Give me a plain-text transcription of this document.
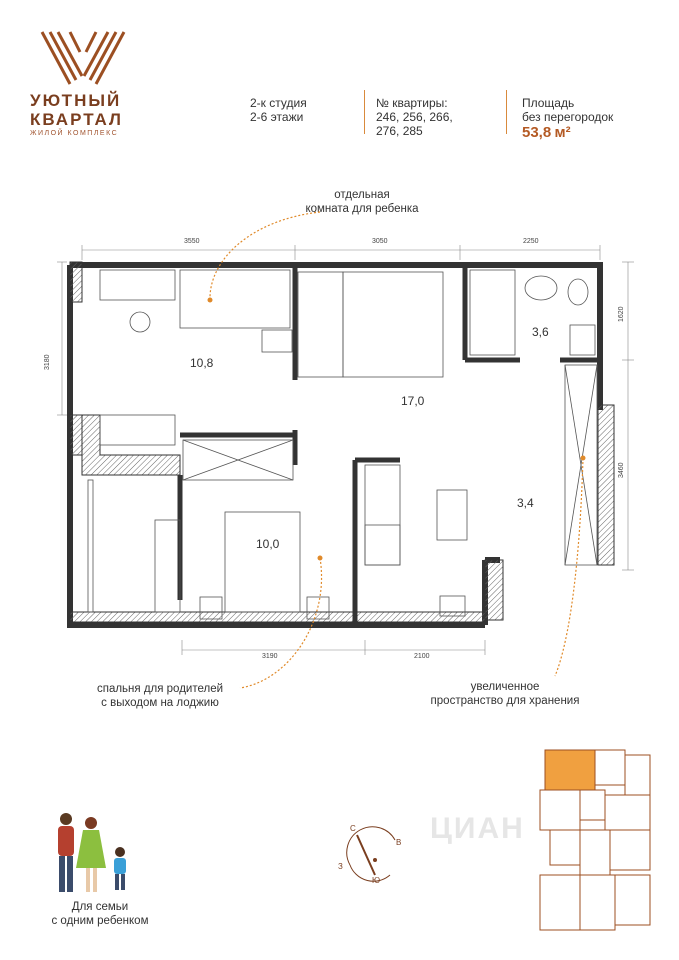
УЮТНЫЙ
КВАРТАЛ
ЖИЛОЙ КОМПЛЕКС
2-к студия
2-6 этажи
№ квартиры:
246, 256, 266,
276, 285
Площадь
без перегородок
53,8 м²
отдельная
комната для ребенка
спальня для родителей
с выходом на лоджию
увеличенное
пространство для хранения
10,8
17,0
3,6
3,4
10,0
3550	3050	2250
3190	2100
3180
1620
3460
Для семьи
с одним ребенком
С
В
Ю
З
ЦИАН
